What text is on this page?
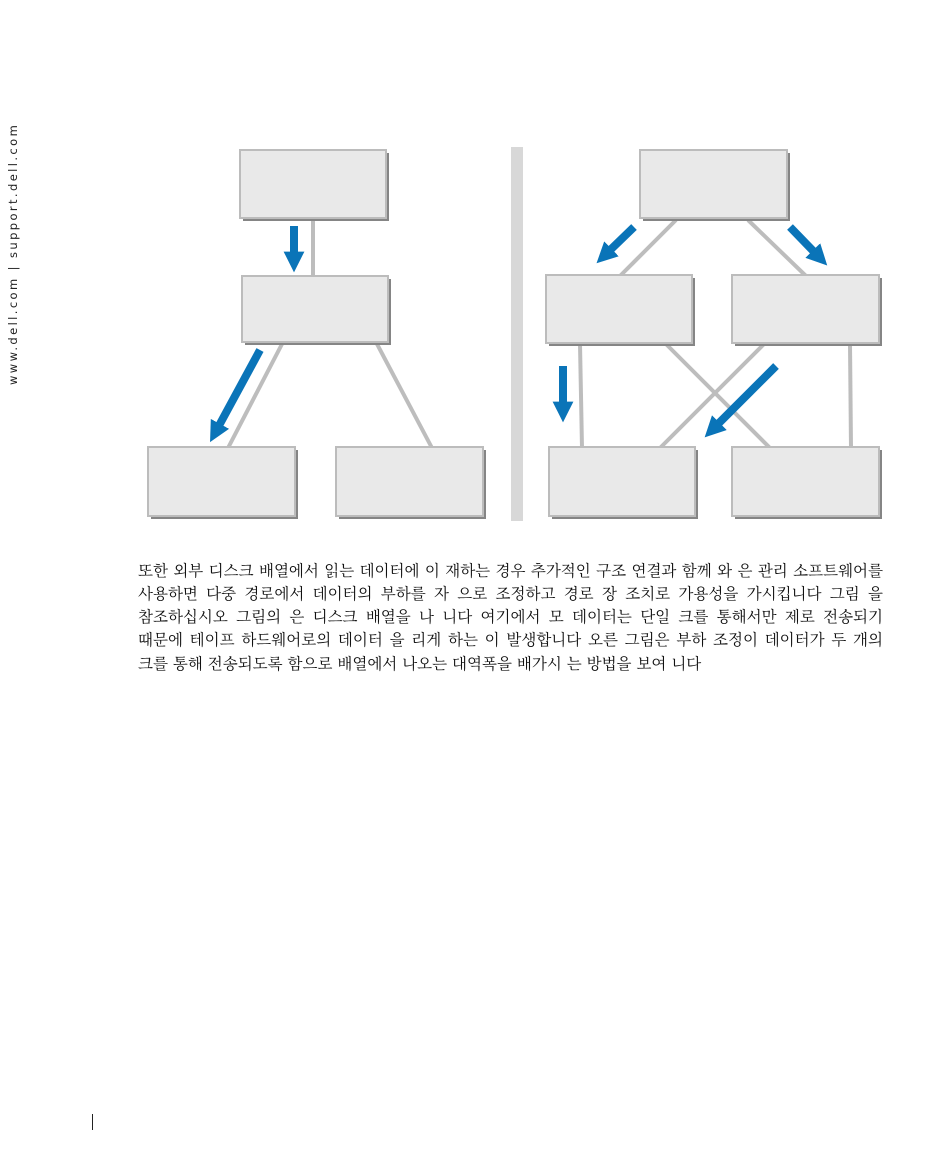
www.dell.com | support.dell.com

또한 외부 디스크 배열에서 읽는 데이터에 이 재하는 경우 추가적인 구조 연결과 함께 와 은 관리 소프트웨어를 사용하면 다중 경로에서 데이터의 부하를 자 으로 조정하고 경로 장 조치로 가용성을 가시킵니다 그림 을 참조하십시오 그림의 은 디스크 배열을 나 니다 여기에서 모 데이터는 단일 크를 통해서만 제로 전송되기 때문에 테이프 하드웨어로의 데이터 을 리게 하는 이 발생합니다 오른 그림은 부하 조정이 데이터가 두 개의 크를 통해 전송되도록 함으로 배열에서 나오는 대역폭을 배가시 는 방법을 보여 니다
